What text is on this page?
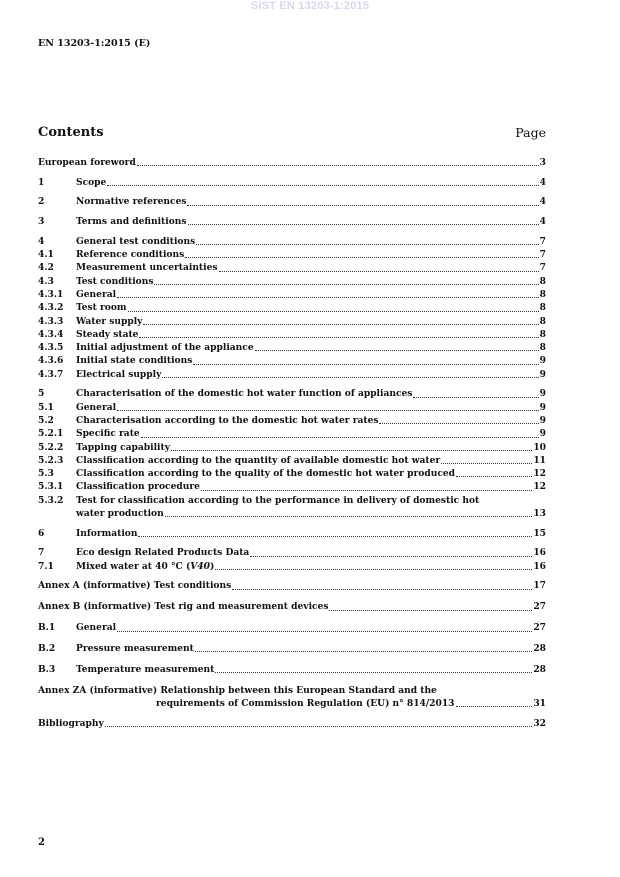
SIST EN 13203-1:2015
EN 13203-1:2015 (E)
Contents	Page
European foreword	3
1	Scope	4
2	Normative references	4
3	Terms and definitions	4
4	General test conditions	7
4.1	Reference conditions	7
4.2	Measurement uncertainties	7
4.3	Test conditions	8
4.3.1	General	8
4.3.2	Test room	8
4.3.3	Water supply	8
4.3.4	Steady state	8
4.3.5	Initial adjustment of the appliance	8
4.3.6	Initial state conditions	9
4.3.7	Electrical supply	9
5	Characterisation of the domestic hot water function of appliances	9
5.1	General	9
5.2	Characterisation according to the domestic hot water rates	9
5.2.1	Specific rate	9
5.2.2	Tapping capability	10
5.2.3	Classification according to the quantity of available domestic hot water	11
5.3	Classification according to the quality of the domestic hot water produced	12
5.3.1	Classification procedure	12
5.3.2	Test for classification according to the performance in delivery of domestic hot
water production	13
6	Information	15
7	Eco design Related Products Data	16
7.1	Mixed water at 40 °C (V40)	16
Annex A (informative) Test conditions	17
Annex B (informative) Test rig and measurement devices	27
B.1	General	27
B.2	Pressure measurement	28
B.3	Temperature measurement	28
Annex ZA (informative) Relationship between this European Standard and the
requirements of Commission Regulation (EU) n° 814/2013	31
Bibliography	32
2
